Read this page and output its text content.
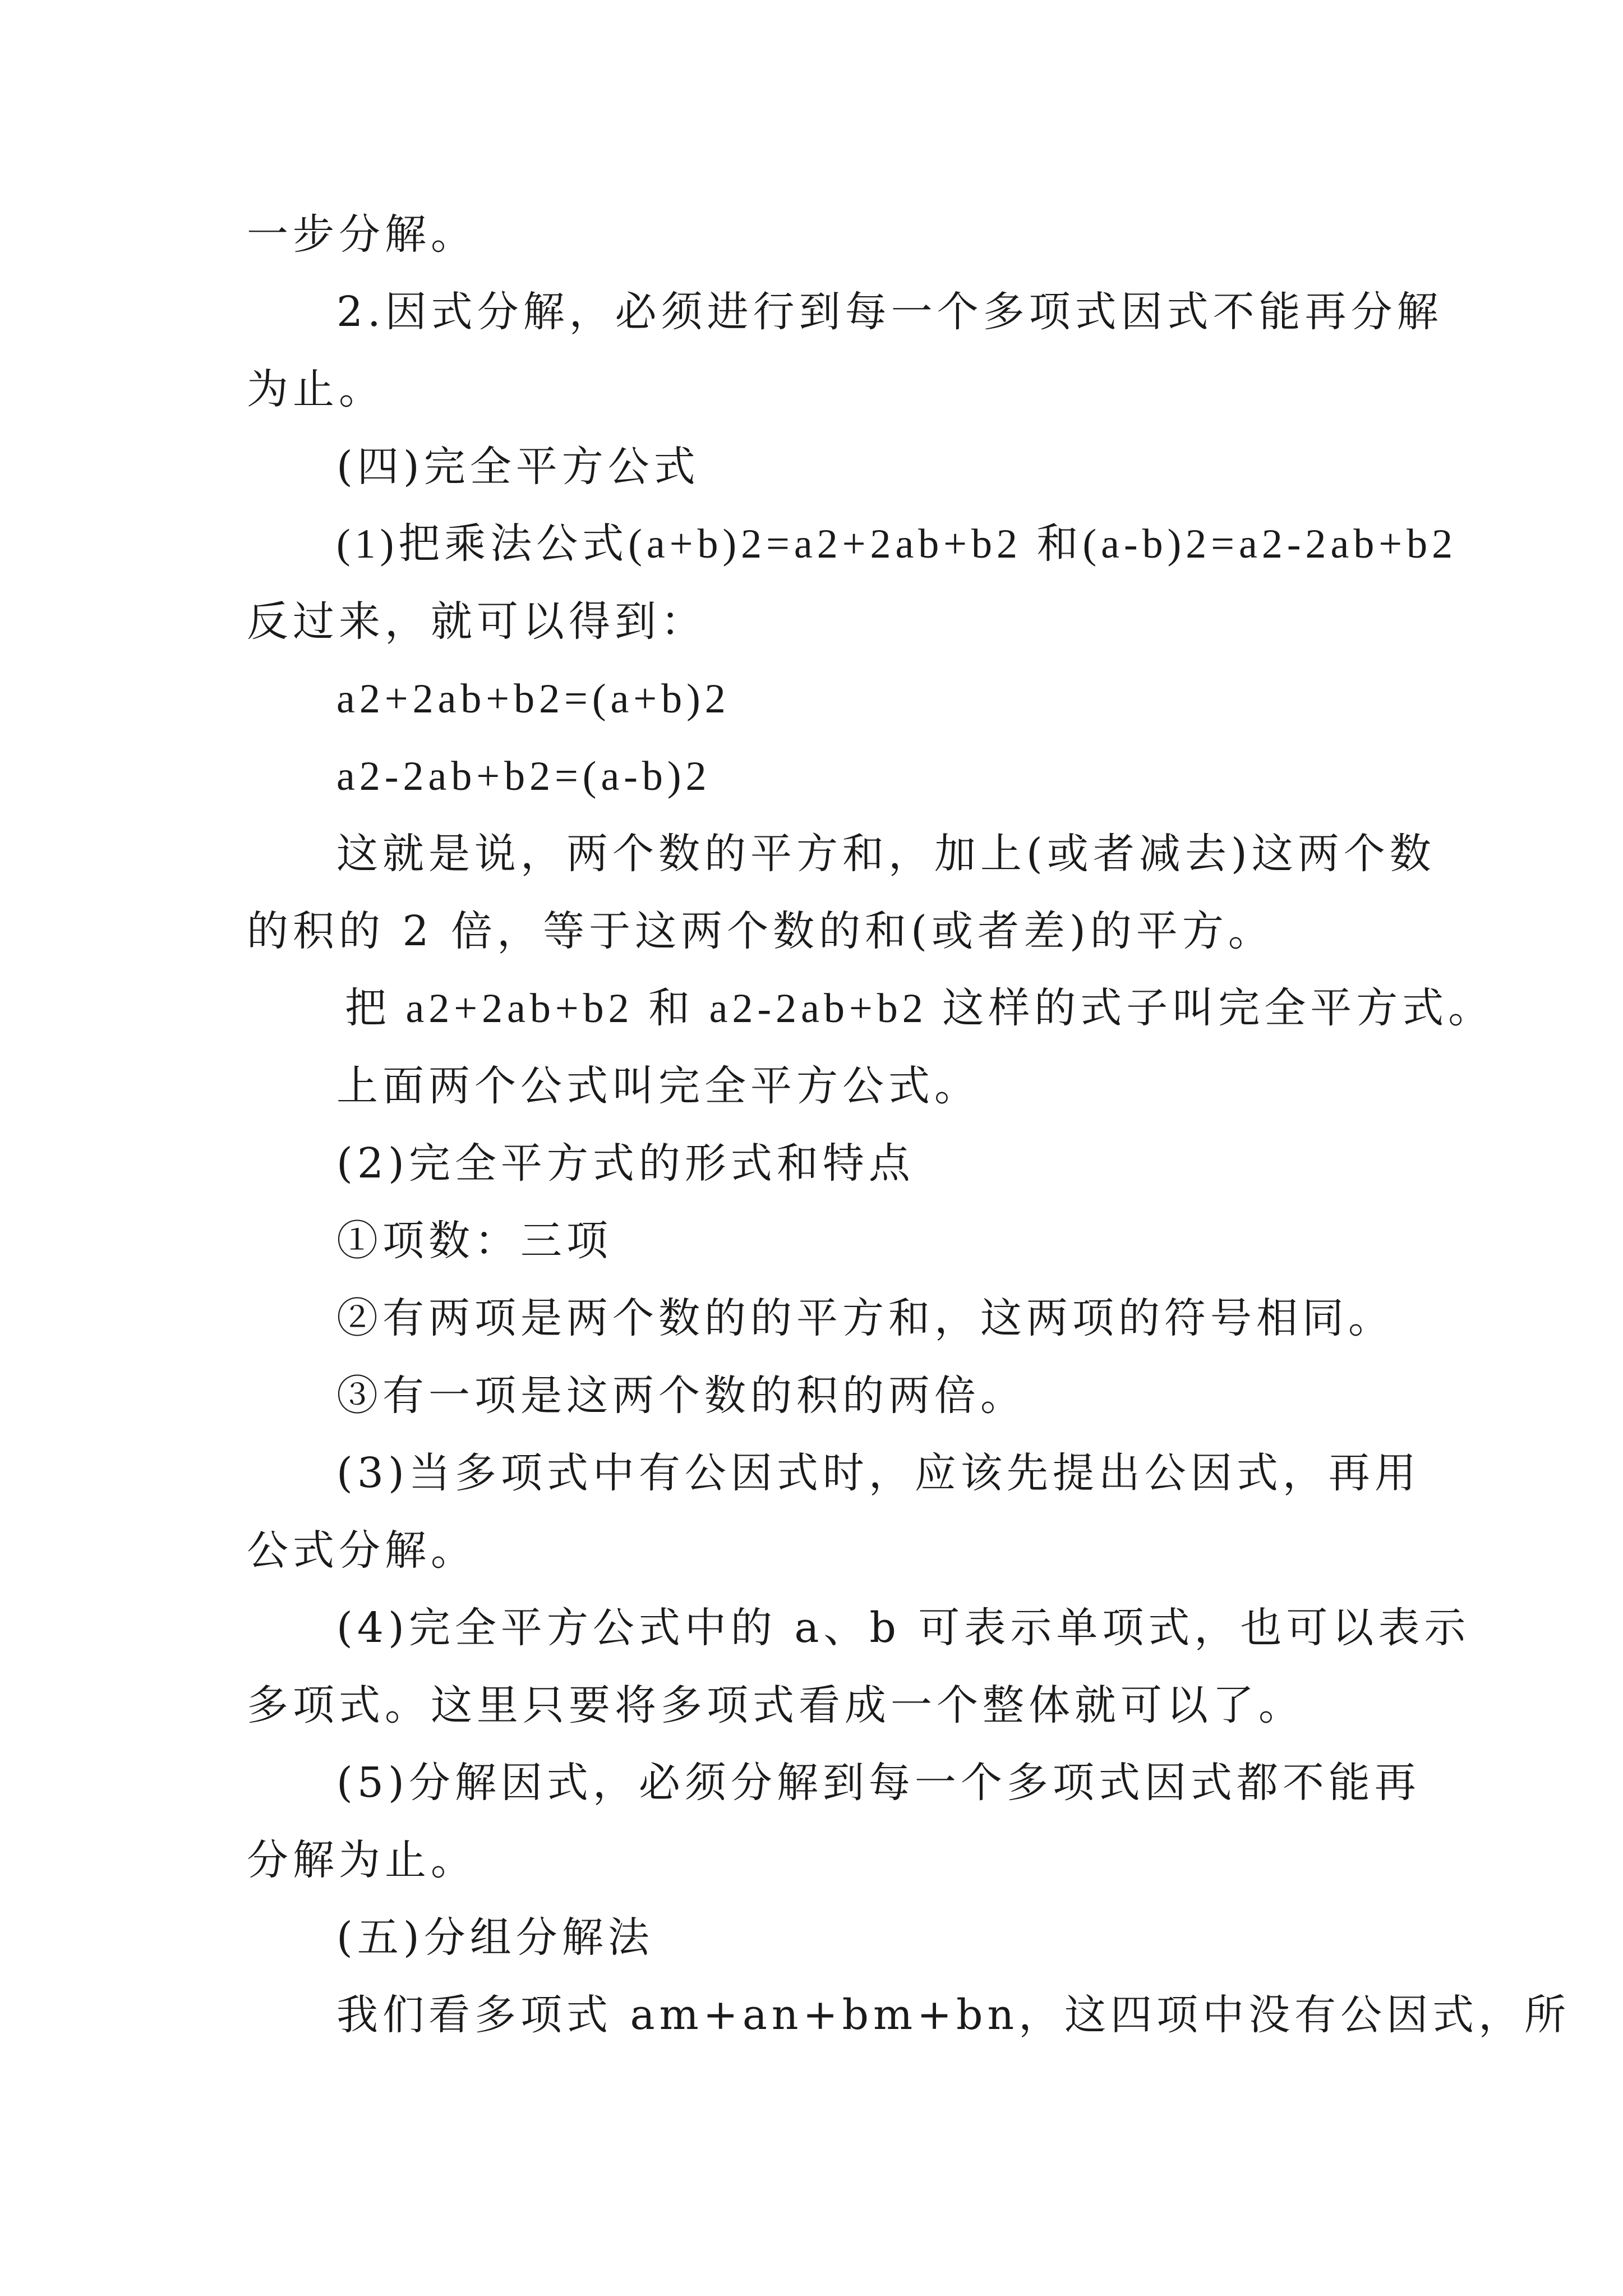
一步分解。
2.因式分解，必须进行到每一个多项式因式不能再分解
为止。
(四)完全平方公式
(1)把乘法公式(a+b)2=a2+2ab+b2 和(a-b)2=a2-2ab+b2
反过来，就可以得到：
a2+2ab+b2=(a+b)2
a2-2ab+b2=(a-b)2
这就是说，两个数的平方和，加上(或者减去)这两个数
的积的 2 倍，等于这两个数的和(或者差)的平方。
把 a2+2ab+b2 和 a2-2ab+b2 这样的式子叫完全平方式。
上面两个公式叫完全平方公式。
(2)完全平方式的形式和特点
①项数：三项
②有两项是两个数的的平方和，这两项的符号相同。
③有一项是这两个数的积的两倍。
(3)当多项式中有公因式时，应该先提出公因式，再用
公式分解。
(4)完全平方公式中的 a、b 可表示单项式，也可以表示
多项式。这里只要将多项式看成一个整体就可以了。
(5)分解因式，必须分解到每一个多项式因式都不能再
分解为止。
(五)分组分解法
我们看多项式 am+an+bm+bn，这四项中没有公因式，所
